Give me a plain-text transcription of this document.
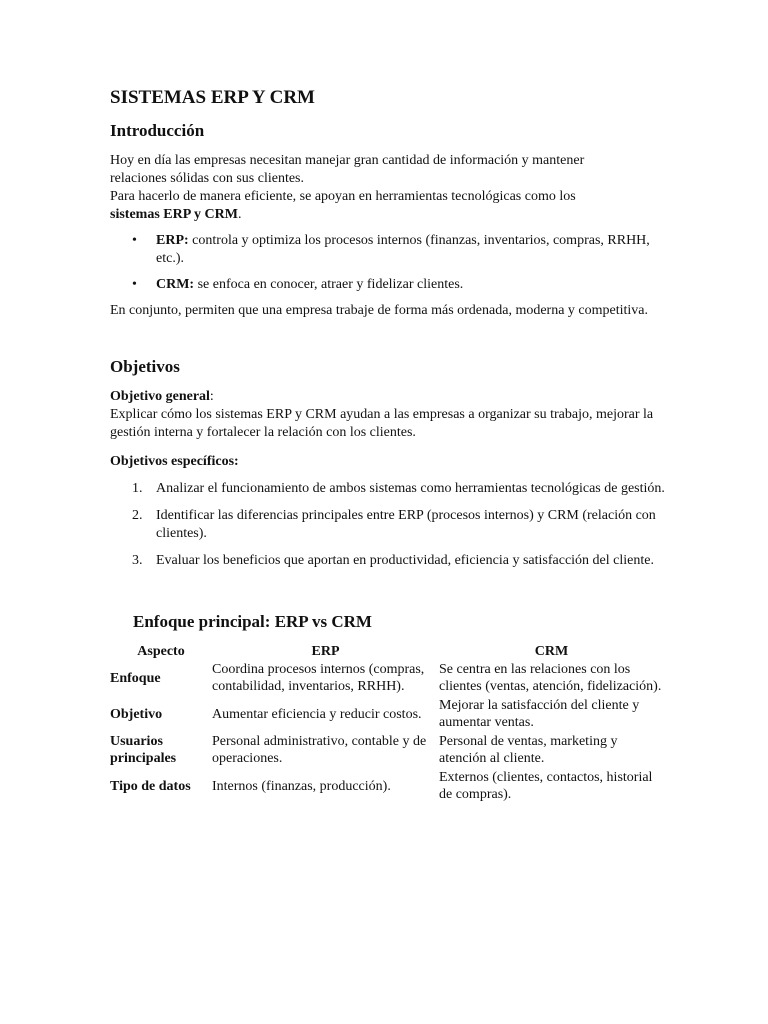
SISTEMAS ERP Y CRM
Introducción

Hoy en día las empresas necesitan manejar gran cantidad de información y mantener
relaciones sólidas con sus clientes.
Para hacerlo de manera eficiente, se apoyan en herramientas tecnológicas como los
sistemas ERP y CRM.

• ERP: controla y optimiza los procesos internos (finanzas, inventarios, compras, RRHH, etc.).
• CRM: se enfoca en conocer, atraer y fidelizar clientes.

En conjunto, permiten que una empresa trabaje de forma más ordenada, moderna y competitiva.

Objetivos

Objetivo general:

Explicar cómo los sistemas ERP y CRM ayudan a las empresas a organizar su trabajo, mejorar la gestión interna y fortalecer la relación con los clientes.

Objetivos específicos:

1. Analizar el funcionamiento de ambos sistemas como herramientas tecnológicas de gestión.
2. Identificar las diferencias principales entre ERP (procesos internos) y CRM (relación con clientes).
3. Evaluar los beneficios que aportan en productividad, eficiencia y satisfacción del cliente.
Enfoque principal: ERP vs CRM
Aspecto	ERP	CRM
Enfoque	Coordina procesos internos (compras, contabilidad, inventarios, RRHH).	Se centra en las relaciones con los clientes (ventas, atención, fidelización).
Objetivo	Aumentar eficiencia y reducir costos.	Mejorar la satisfacción del cliente y aumentar ventas.
Usuarios principales	Personal administrativo, contable y de operaciones.	Personal de ventas, marketing y atención al cliente.
Tipo de datos	Internos (finanzas, producción).	Externos (clientes, contactos, historial de compras).
